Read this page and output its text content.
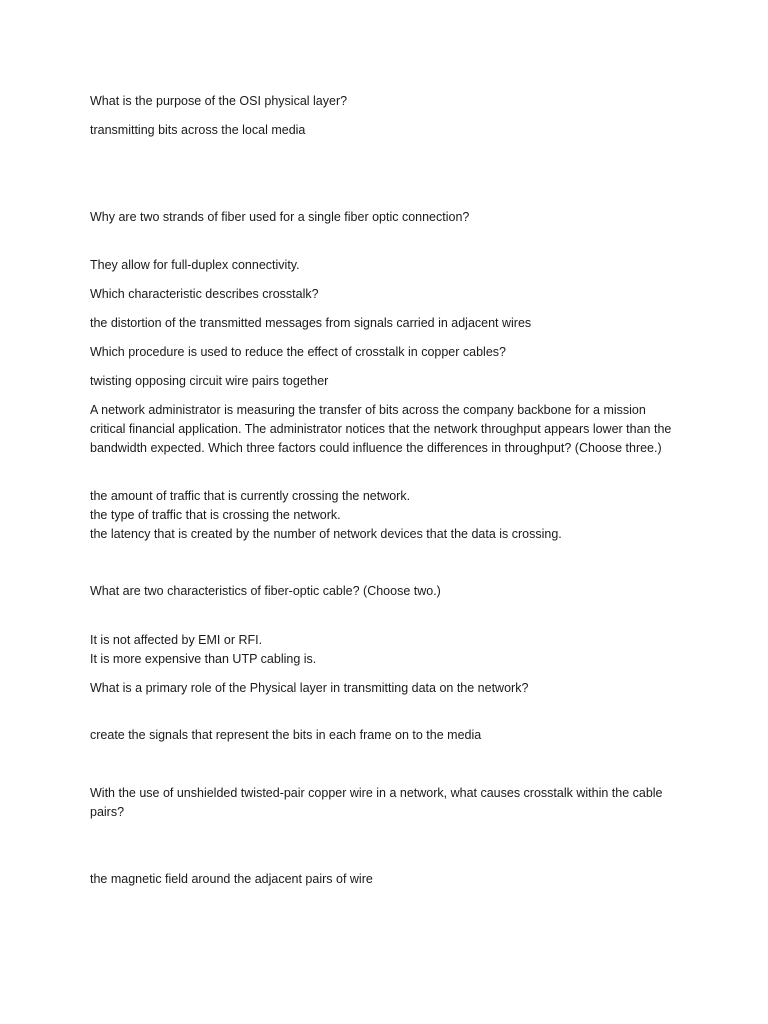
What is the purpose of the OSI physical layer?
transmitting bits across the local media
Why are two strands of fiber used for a single fiber optic connection?
They allow for full-duplex connectivity.
Which characteristic describes crosstalk?
the distortion of the transmitted messages from signals carried in adjacent wires
Which procedure is used to reduce the effect of crosstalk in copper cables?
twisting opposing circuit wire pairs together
A network administrator is measuring the transfer of bits across the company backbone for a mission critical financial application. The administrator notices that the network throughput appears lower than the bandwidth expected. Which three factors could influence the differences in throughput? (Choose three.)
the amount of traffic that is currently crossing the network.
the type of traffic that is crossing the network.
the latency that is created by the number of network devices that the data is crossing.
What are two characteristics of fiber-optic cable? (Choose two.)
It is not affected by EMI or RFI.
It is more expensive than UTP cabling is.
What is a primary role of the Physical layer in transmitting data on the network?
create the signals that represent the bits in each frame on to the media
With the use of unshielded twisted-pair copper wire in a network, what causes crosstalk within the cable pairs?
the magnetic field around the adjacent pairs of wire
